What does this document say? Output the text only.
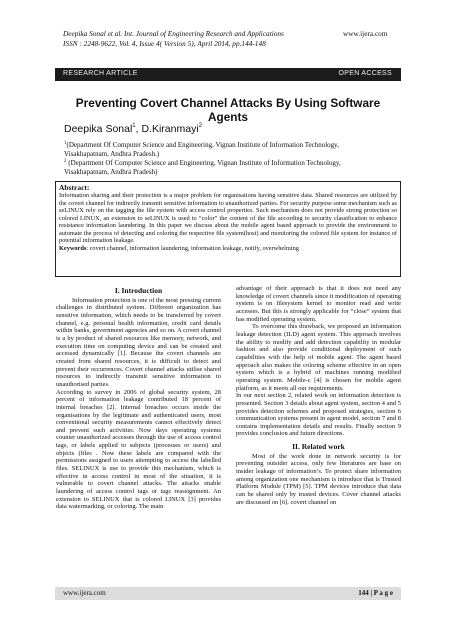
Deepika Sonal et al. Int. Journal of Engineering Research and Applications
ISSN : 2248-9622, Vol. 4, Issue 4( Version 5), April 2014, pp.144-148
www.ijera.com
RESEARCH ARTICLE	OPEN ACCESS
Preventing Covert Channel Attacks By Using Software Agents
Deepika Sonal$^1$, D.Kiranmayi$^2$
$^1$(Department Of Computer Science and Engineering, Vignan Institute of Information Technology,
Visakhapatnam, Andhra Pradesh.)
$^2$ (Department Of Computer Science and Engineering, Vignan Institute of Information Technology,
Visakhapatnam, Andhra Pradesh)
Abstract:
Information sharing and their protection is a major problem for organisations having sensitive data. Shared resources are utilized by the covert channel for indirectly transmit sensitive information to unauthorized parties. For security purpose some mechanism such as seLINUX rely on the tagging the file system with access control properties. Such mechanism does not provide strong protection so colored LINUX, an extension to seLINUX is used to “color” the content of the file according to security classification to enhance resistance information laundering. In this paper we discuss about the mobile agent based approach to provide the environment to automate the process of detecting and coloring the respective file system(host) and monitoring the colored file system for instance of potential information leakage.
Keywords: covert channel, information laundering, information leakage, notify, overwhelming
I. Introduction

Information protection is one of the most pressing current challenges in distributed system. Different organization has sensitive information, which needs to be transferred by covert channel, e.g. personal health information, credit card details within banks, government agencies and so on. A covert channel is a by product of shared resources like memory, network, and execution time on computing device and can be created and accessed dynamically [1]. Because the covert channels are created from shared resources, it is difficult to detect and prevent their occurrences. Covert channel attacks utilise shared resources to indirectly transmit sensitive information to unauthorised parties.

According to survey in 2006 of global security system, 28 percent of information leakage contributed 18 percent of internal breaches [2]. Internal breaches occurs inside the organisations by the legitimate and authenticated users, most conventional security measurements cannot effectively detect and prevent such activities. Now days operating systems counter unauthorized accesses through the use of access control tags, or labels applied to subjects (processes or users) and objects (files . Now these labels are compared with the permissions assigned to users attempting to access the labelled files. SELINUX is use to provide this mechanism, which is effective in access control in most of the situation, it is vulnerable to covert channel attacks. The attacks enable laundering of access control tags or tags reassignment. An extension to SELINUX that is colored LINUX [3] provides data watermarking, or coloring. The main

advantage of their approach is that it does not need any knowledge of covert channels since it modification of operating system is on filesystem kernel to monitor read and write accesses. But this is strongly applicable for “close” system that has modified operating system.

To overcome this drawback, we proposed an information leakage detection (ILD) agent system. This approach involves the ability to modify and add detection capability in modular fashion and also provide conditional deployment of such capabilities with the help of mobile agent. The agent based approach also makes the coloring scheme effective in an open system which is a hybrid of machines running modified operating system. Mobile-c [4] is chosen for mobile agent platform, as it meets all our requirements.

In our next section 2, related work on information detection is presented. Section 3 details about agent system, section 4 and 5 provides detection schemes and proposed strategies, section 6 communication systems present in agent model, section 7 and 8 contains implementation details and results. Finally section 9 provides conclusion and future directions.

II. Related work

Most of the work done in network security is for preventing outsider access, only few literatures are base on insider leakage of information’s. To protect share information among organization one mechanism is introduce that is Trusted Platform Module (TPM) [5]. TPM devices introduce that data can be shared only by trusted devices. Cover channel attacks are discussed on [6]. covert channel on

www.ijera.com	144 | P a g e
